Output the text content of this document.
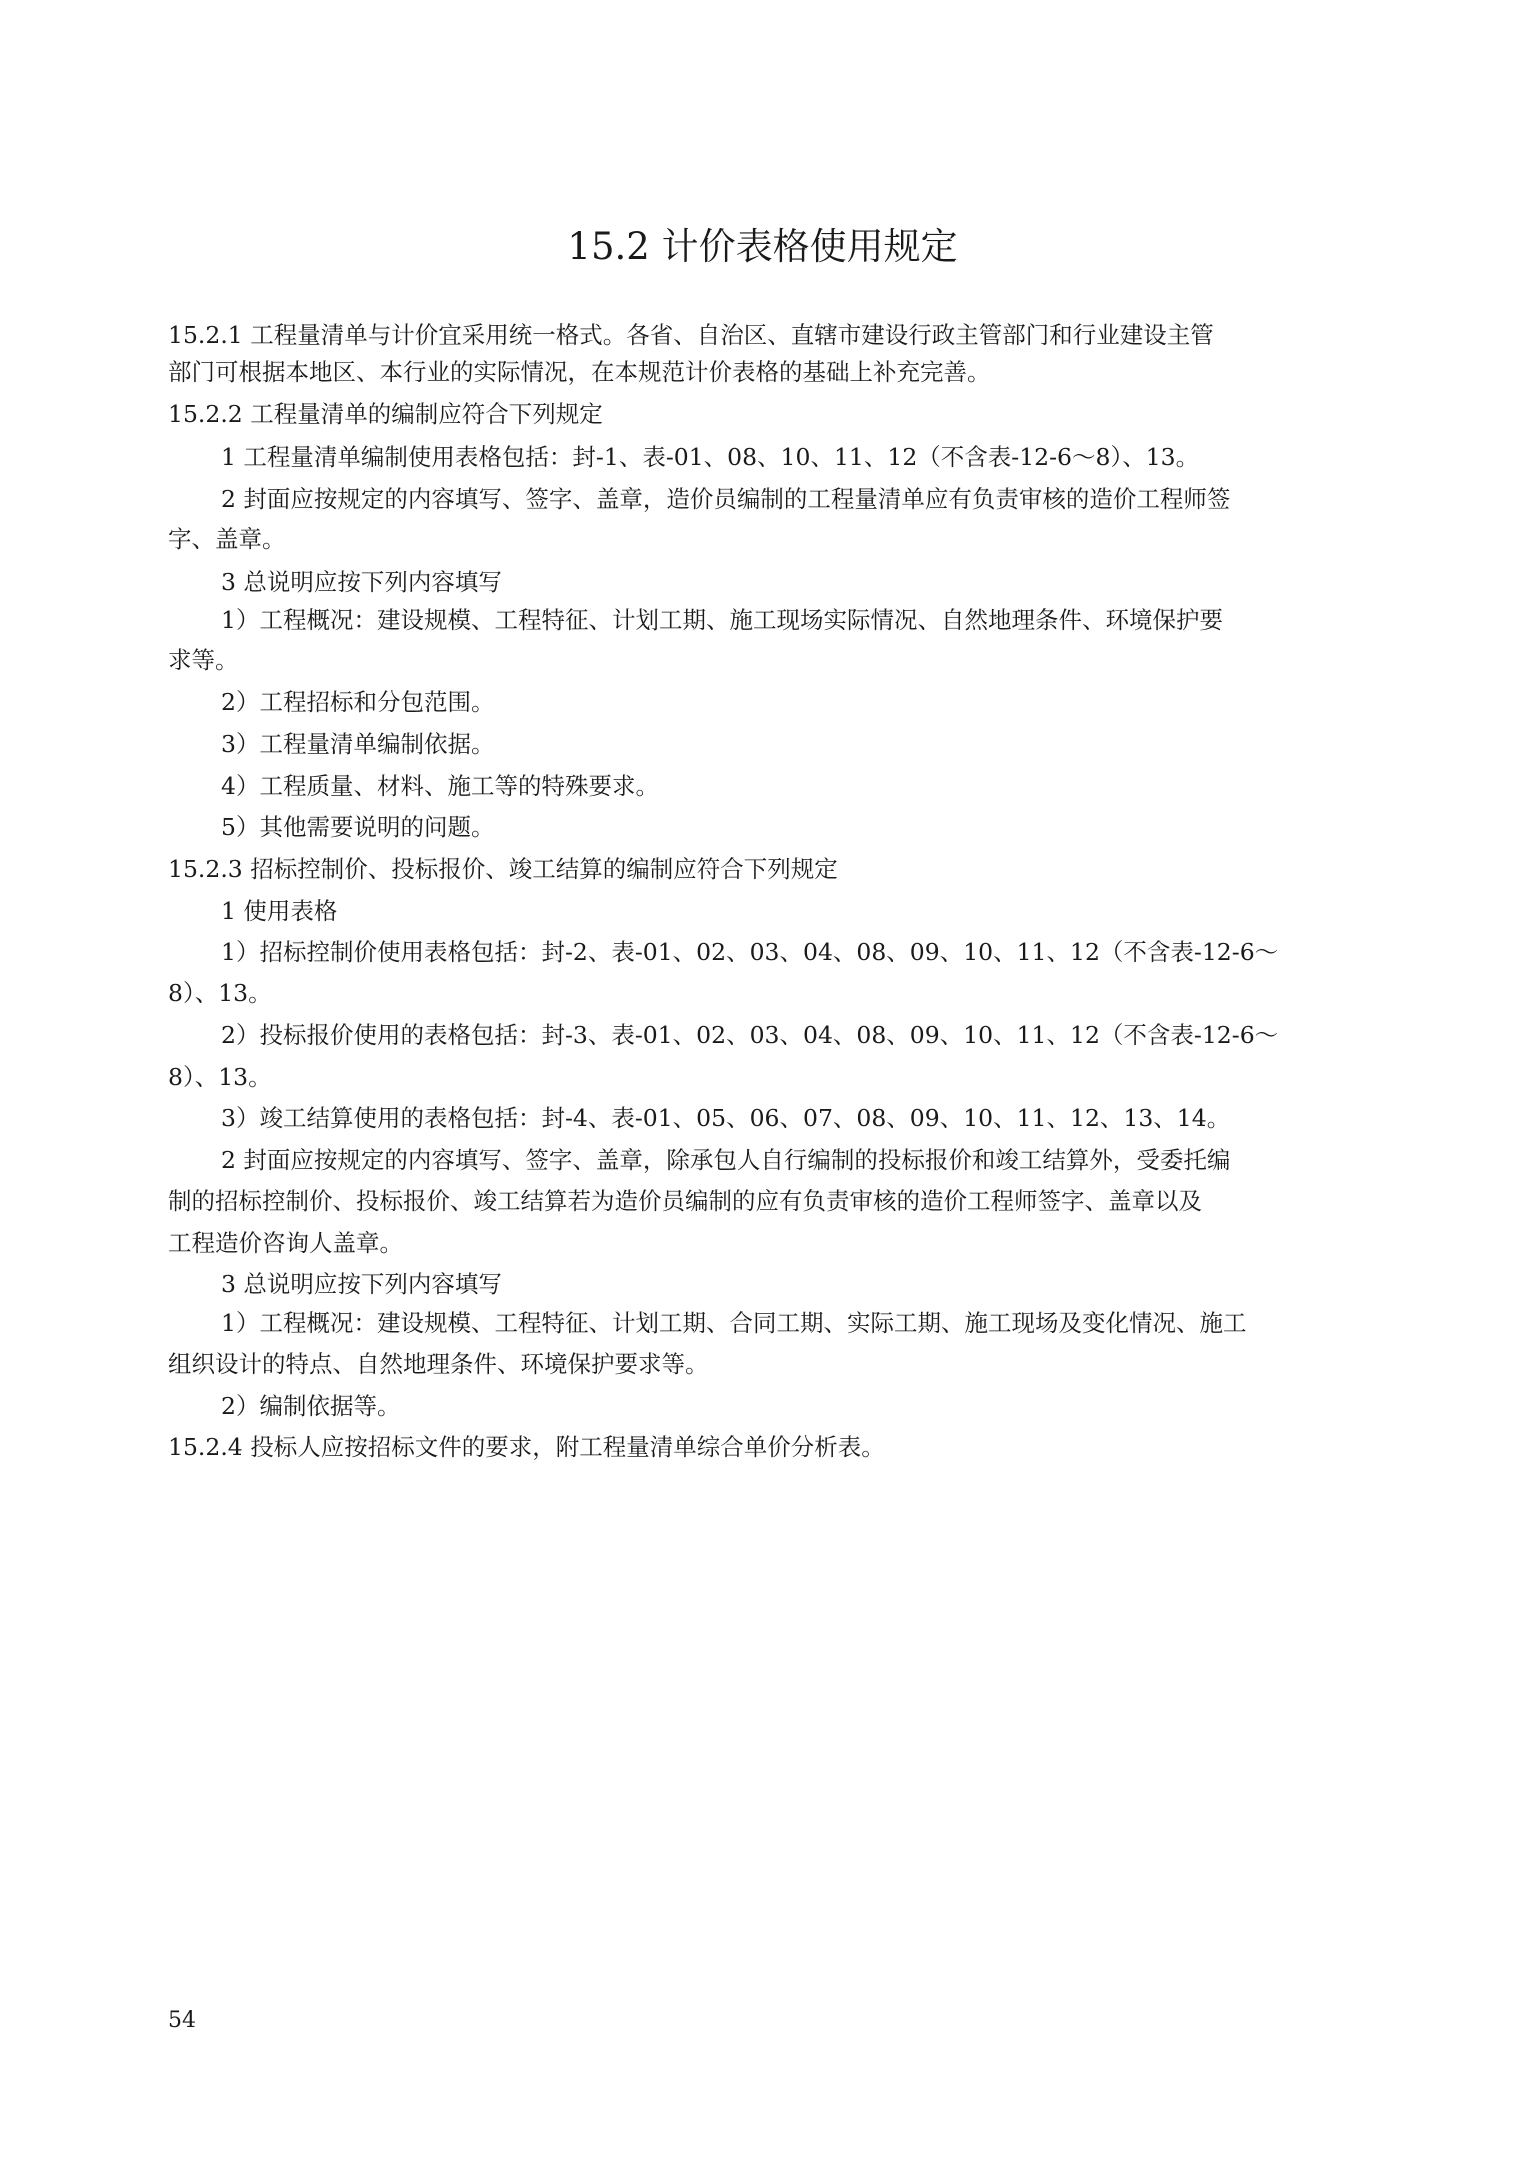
15.2 计价表格使用规定
15.2.1 工程量清单与计价宜采用统一格式。各省、自治区、直辖市建设行政主管部门和行业建设主管
部门可根据本地区、本行业的实际情况，在本规范计价表格的基础上补充完善。
15.2.2 工程量清单的编制应符合下列规定
1 工程量清单编制使用表格包括：封-1、表-01、08、10、11、12（不含表-12-6～8）、13。
2 封面应按规定的内容填写、签字、盖章，造价员编制的工程量清单应有负责审核的造价工程师签
字、盖章。
3 总说明应按下列内容填写
1）工程概况：建设规模、工程特征、计划工期、施工现场实际情况、自然地理条件、环境保护要
求等。
2）工程招标和分包范围。
3）工程量清单编制依据。
4）工程质量、材料、施工等的特殊要求。
5）其他需要说明的问题。
15.2.3 招标控制价、投标报价、竣工结算的编制应符合下列规定
1 使用表格
1）招标控制价使用表格包括：封-2、表-01、02、03、04、08、09、10、11、12（不含表-12-6～
8）、13。
2）投标报价使用的表格包括：封-3、表-01、02、03、04、08、09、10、11、12（不含表-12-6～
8）、13。
3）竣工结算使用的表格包括：封-4、表-01、05、06、07、08、09、10、11、12、13、14。
2 封面应按规定的内容填写、签字、盖章，除承包人自行编制的投标报价和竣工结算外，受委托编
制的招标控制价、投标报价、竣工结算若为造价员编制的应有负责审核的造价工程师签字、盖章以及
工程造价咨询人盖章。
3 总说明应按下列内容填写
1）工程概况：建设规模、工程特征、计划工期、合同工期、实际工期、施工现场及变化情况、施工
组织设计的特点、自然地理条件、环境保护要求等。
2）编制依据等。
15.2.4 投标人应按招标文件的要求，附工程量清单综合单价分析表。
54
